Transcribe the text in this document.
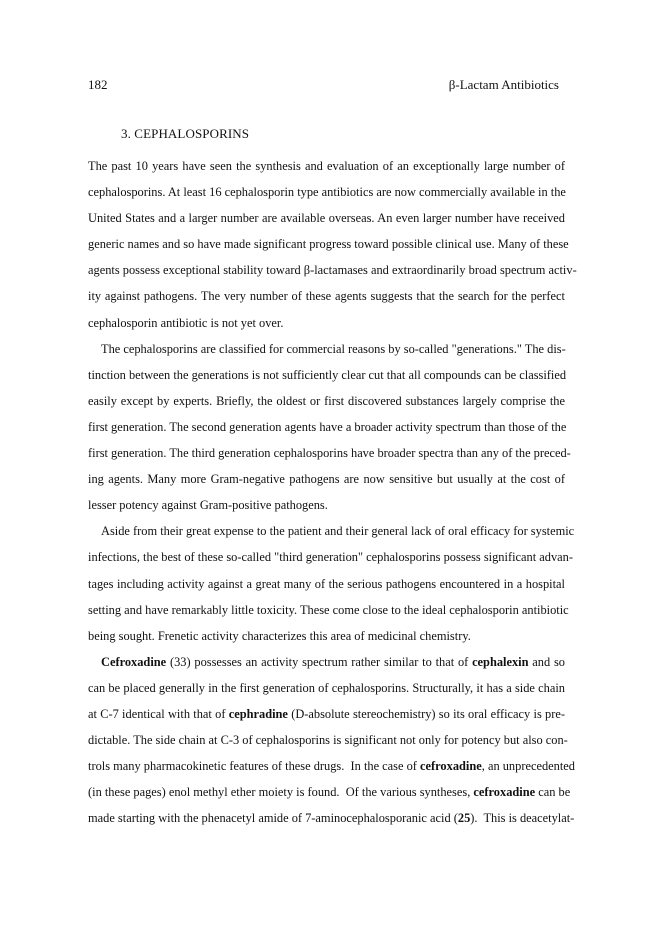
182	β-Lactam Antibiotics
3. CEPHALOSPORINS
The past 10 years have seen the synthesis and evaluation of an exceptionally large number of
cephalosporins. At least 16 cephalosporin type antibiotics are now commercially available in the
United States and a larger number are available overseas. An even larger number have received
generic names and so have made significant progress toward possible clinical use. Many of these
agents possess exceptional stability toward β-lactamases and extraordinarily broad spectrum activ-
ity against pathogens. The very number of these agents suggests that the search for the perfect
cephalosporin antibiotic is not yet over.
The cephalosporins are classified for commercial reasons by so-called "generations." The dis-
tinction between the generations is not sufficiently clear cut that all compounds can be classified
easily except by experts. Briefly, the oldest or first discovered substances largely comprise the
first generation. The second generation agents have a broader activity spectrum than those of the
first generation. The third generation cephalosporins have broader spectra than any of the preced-
ing agents. Many more Gram-negative pathogens are now sensitive but usually at the cost of
lesser potency against Gram-positive pathogens.
Aside from their great expense to the patient and their general lack of oral efficacy for systemic
infections, the best of these so-called "third generation" cephalosporins possess significant advan-
tages including activity against a great many of the serious pathogens encountered in a hospital
setting and have remarkably little toxicity. These come close to the ideal cephalosporin antibiotic
being sought. Frenetic activity characterizes this area of medicinal chemistry.
Cefroxadine (33) possesses an activity spectrum rather similar to that of cephalexin and so
can be placed generally in the first generation of cephalosporins. Structurally, it has a side chain
at C-7 identical with that of cephradine (D-absolute stereochemistry) so its oral efficacy is pre-
dictable. The side chain at C-3 of cephalosporins is significant not only for potency but also con-
trols many pharmacokinetic features of these drugs.  In the case of cefroxadine, an unprecedented
(in these pages) enol methyl ether moiety is found.  Of the various syntheses, cefroxadine can be
made starting with the phenacetyl amide of 7-aminocephalosporanic acid (25).  This is deacetylat-
